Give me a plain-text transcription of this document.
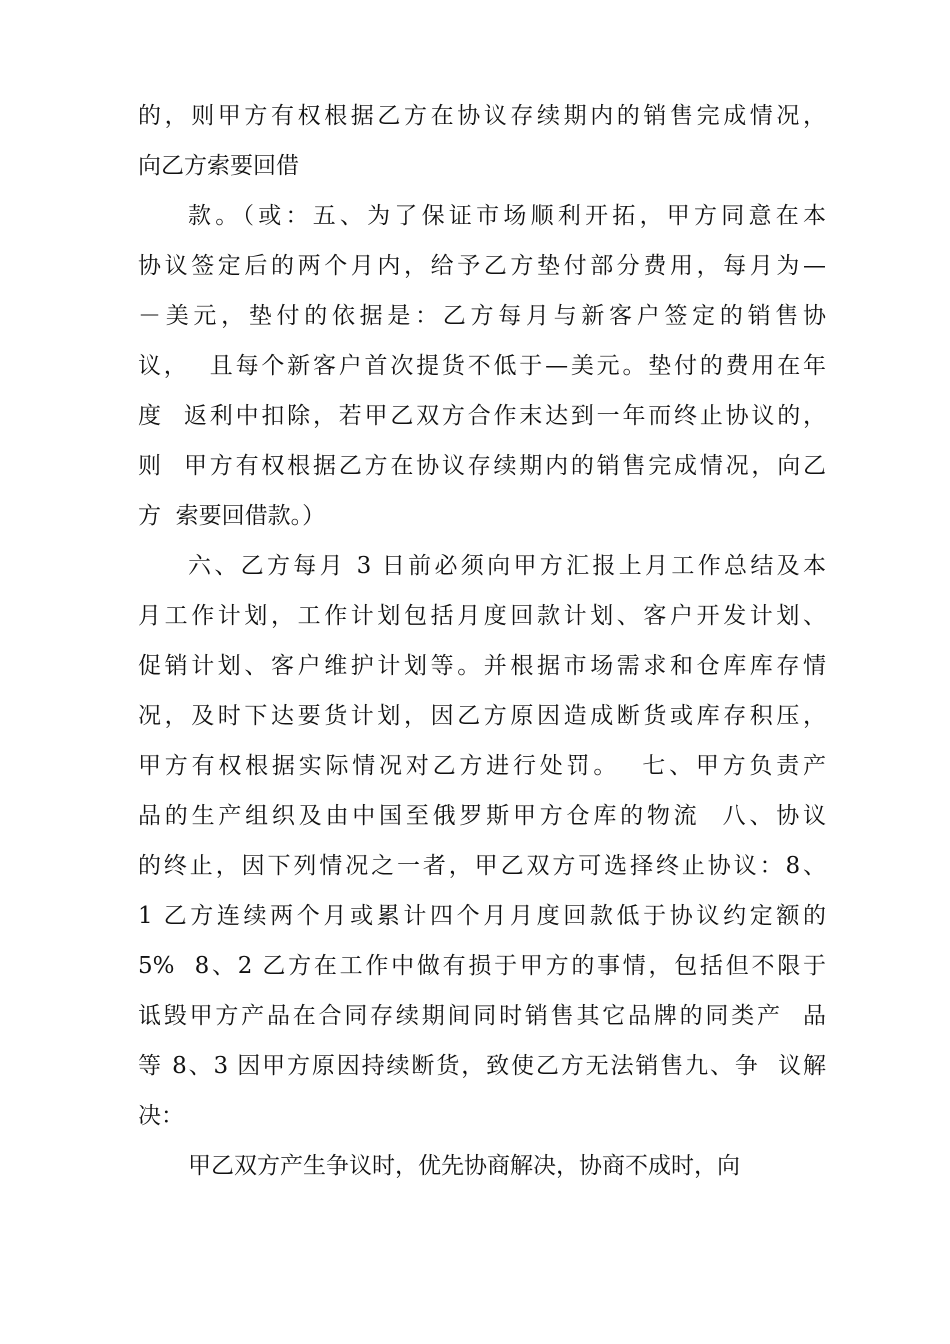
的，则甲方有权根据乙方在协议存续期内的销售完成情况，
向乙方索要回借
款。（或：五、为了保证市场顺利开拓，甲方同意在本
协议签定后的两个月内，给予乙方垫付部分费用，每月为—
－美元，垫付的依据是：乙方每月与新客户签定的销售协
议，  且每个新客户首次提货不低于—美元。垫付的费用在年
度  返利中扣除，若甲乙双方合作末达到一年而终止协议的，
则  甲方有权根据乙方在协议存续期内的销售完成情况，向乙
方  索要回借款。）
六、乙方每月 3 日前必须向甲方汇报上月工作总结及本
月工作计划，工作计划包括月度回款计划、客户开发计划、
促销计划、客户维护计划等。并根据市场需求和仓库库存情
况，及时下达要货计划，因乙方原因造成断货或库存积压，
甲方有权根据实际情况对乙方进行处罚。  七、甲方负责产
品的生产组织及由中国至俄罗斯甲方仓库的物流  八、协议
的终止，因下列情况之一者，甲乙双方可选择终止协议：8、
1 乙方连续两个月或累计四个月月度回款低于协议约定额的
5%  8、2 乙方在工作中做有损于甲方的事情，包括但不限于
诋毁甲方产品在合同存续期间同时销售其它品牌的同类产  品
等 8、3 因甲方原因持续断货，致使乙方无法销售九、争  议解
决：
甲乙双方产生争议时，优先协商解决，协商不成时，向
